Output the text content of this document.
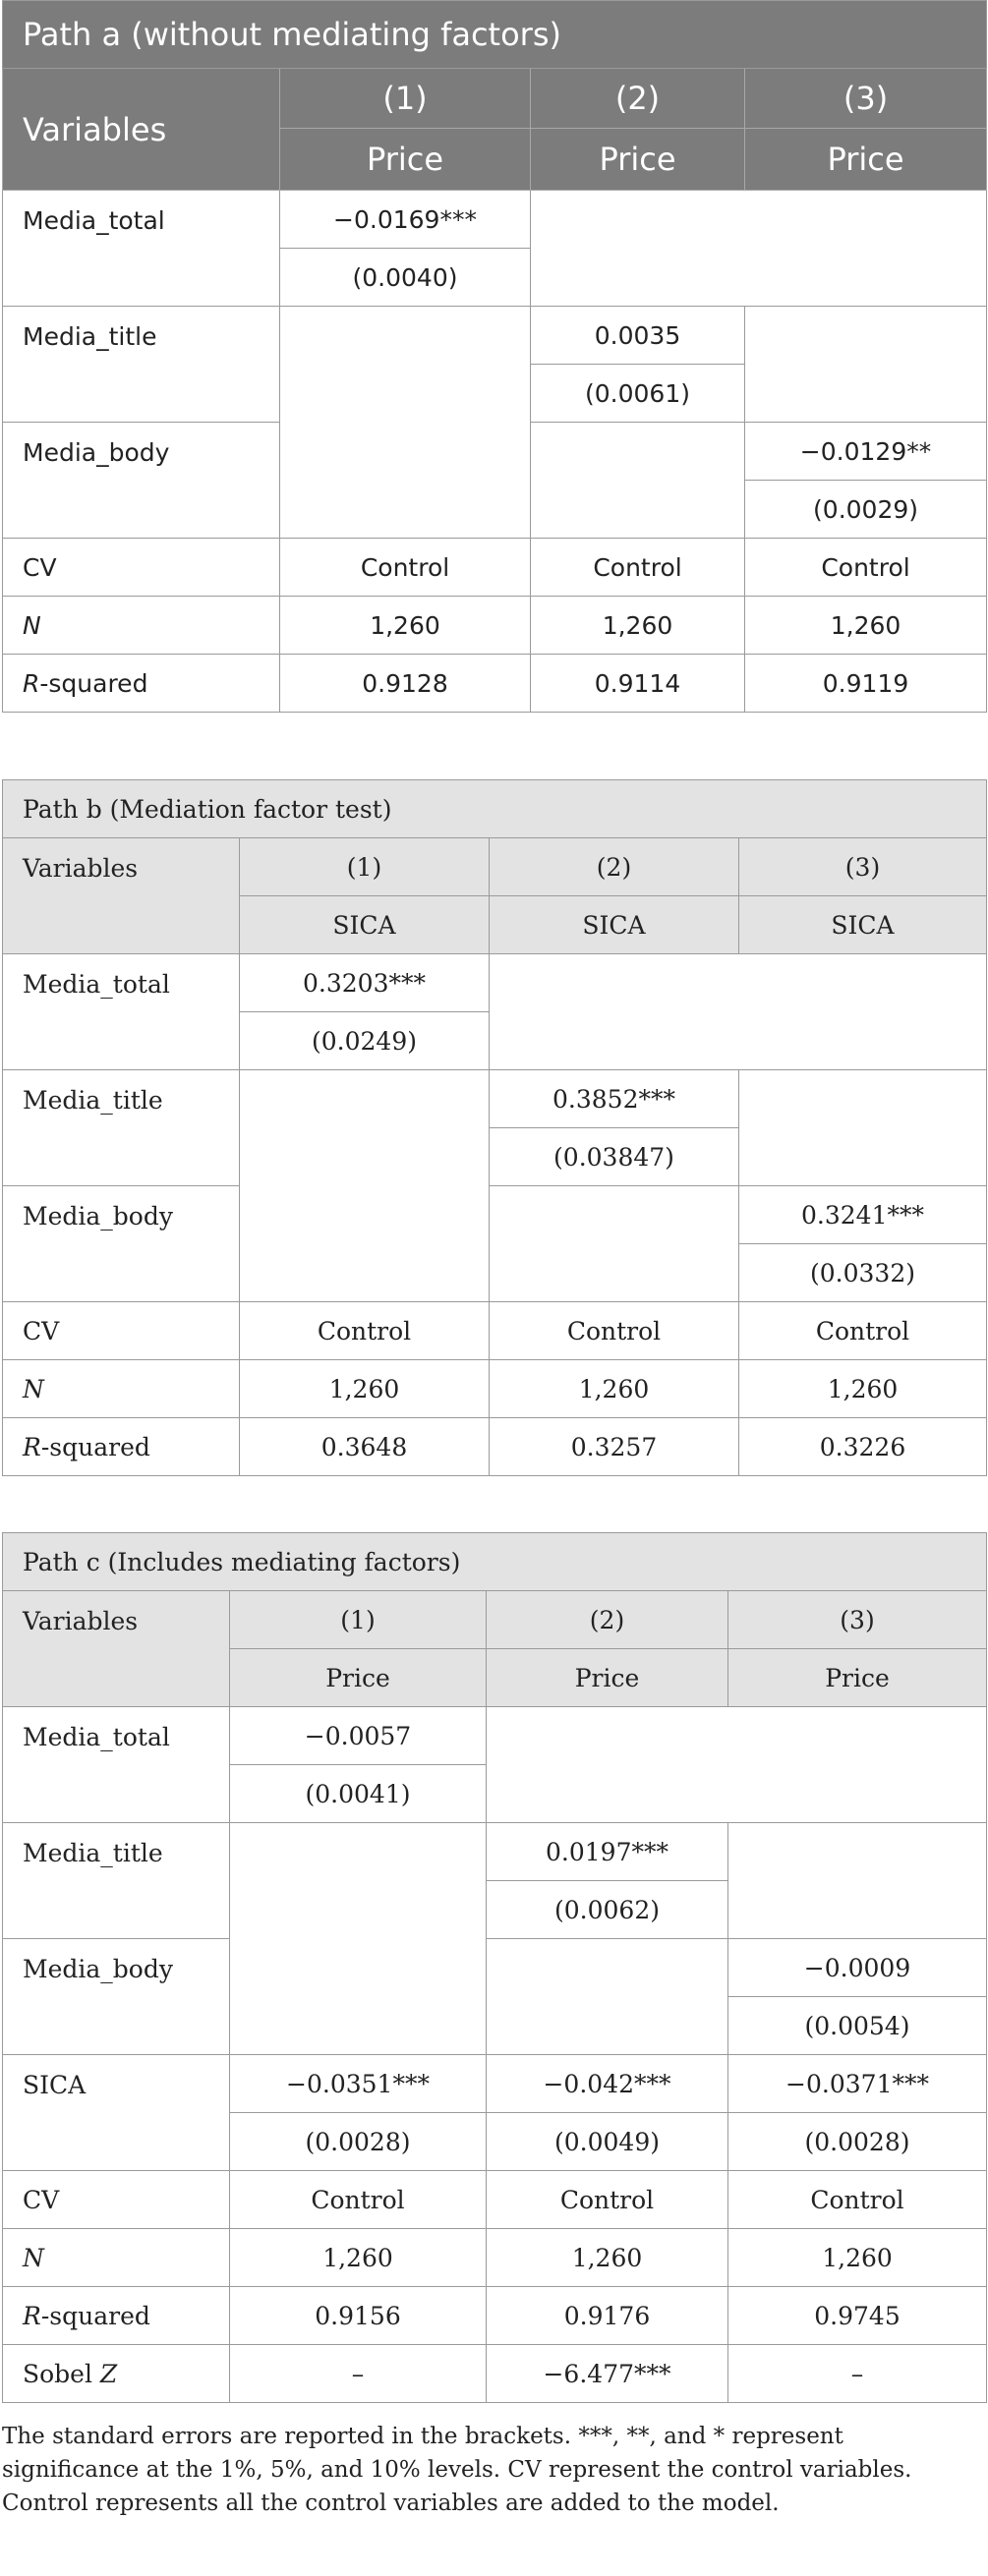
Path a (without mediating factors)			
Variables	(1)	(2)	(3)
	Price	Price	Price
Media_total	−0.0169***		
	(0.0040)		
Media_title		0.0035	
		(0.0061)	
Media_body			−0.0129**
			(0.0029)
CV	Control	Control	Control
N	1,260	1,260	1,260
R-squared	0.9128	0.9114	0.9119
Path b (Mediation factor test)			
Variables	(1)	(2)	(3)
	SICA	SICA	SICA
Media_total	0.3203***		
	(0.0249)		
Media_title		0.3852***	
		(0.03847)	
Media_body			0.3241***
			(0.0332)
CV	Control	Control	Control
N	1,260	1,260	1,260
R-squared	0.3648	0.3257	0.3226
Path c (Includes mediating factors)			
Variables	(1)	(2)	(3)
	Price	Price	Price
Media_total	−0.0057		
	(0.0041)		
Media_title		0.0197***	
		(0.0062)	
Media_body			−0.0009
			(0.0054)
SICA	−0.0351***	−0.042***	−0.0371***
	(0.0028)	(0.0049)	(0.0028)
CV	Control	Control	Control
N	1,260	1,260	1,260
R-squared	0.9156	0.9176	0.9745
Sobel Z	–	−6.477***	–
The standard errors are reported in the brackets. ***, **, and * represent significance at the 1%, 5%, and 10% levels. CV represent the control variables. Control represents all the control variables are added to the model.
